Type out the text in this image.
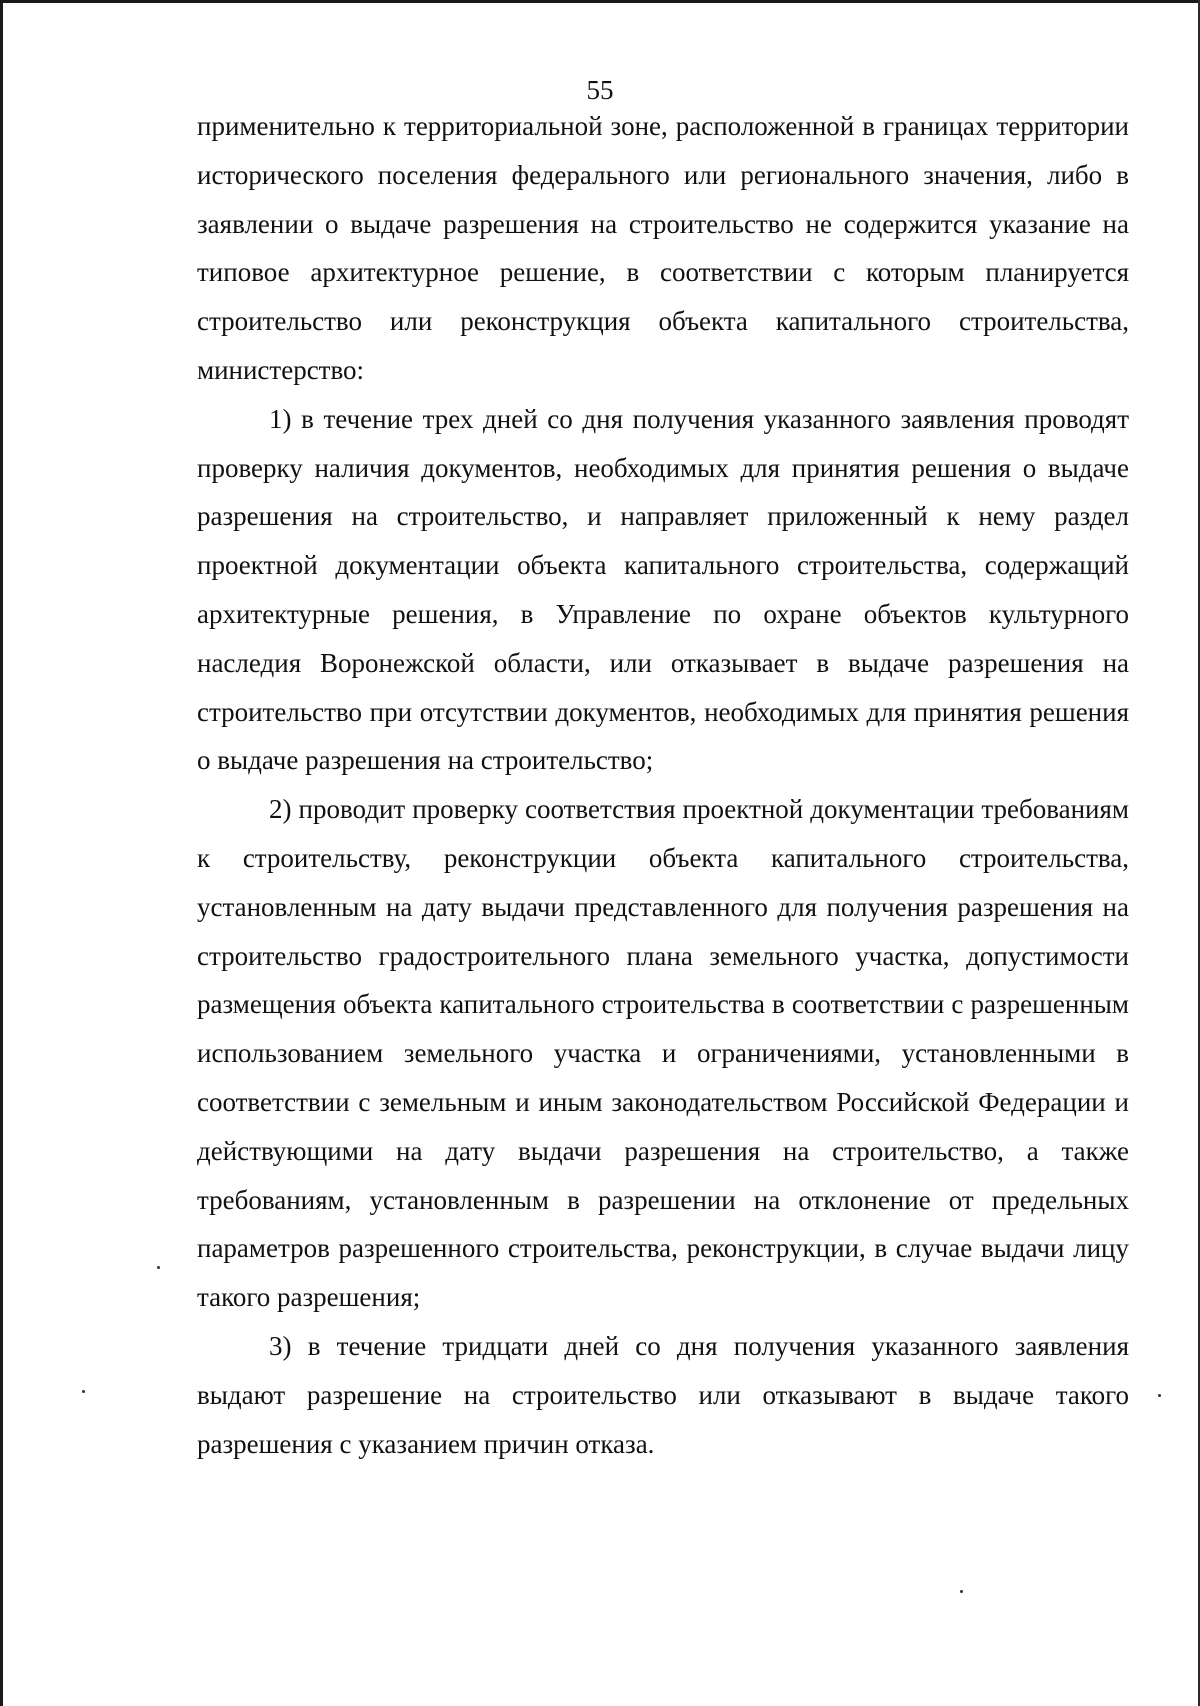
55

применительно к территориальной зоне, расположенной в границах территории исторического поселения федерального или регионального значения, либо в заявлении о выдаче разрешения на строительство не содержится указание на типовое архитектурное решение, в соответствии с которым планируется строительство или реконструкция объекта капитального строительства, министерство:

1) в течение трех дней со дня получения указанного заявления проводят проверку наличия документов, необходимых для принятия решения о выдаче разрешения на строительство, и направляет приложенный к нему раздел проектной документации объекта капитального строительства, содержащий архитектурные решения, в Управление по охране объектов культурного наследия Воронежской области, или отказывает в выдаче разрешения на строительство при отсутствии документов, необходимых для принятия решения о выдаче разрешения на строительство;

2) проводит проверку соответствия проектной документации требованиям к строительству, реконструкции объекта капитального строительства, установленным на дату выдачи представленного для получения разрешения на строительство градостроительного плана земельного участка, допустимости размещения объекта капитального строительства в соответствии с разрешенным использованием земельного участка и ограничениями, установленными в соответствии с земельным и иным законодательством Российской Федерации и действующими на дату выдачи разрешения на строительство, а также требованиям, установленным в разрешении на отклонение от предельных параметров разрешенного строительства, реконструкции, в случае выдачи лицу такого разрешения;

3) в течение тридцати дней со дня получения указанного заявления выдают разрешение на строительство или отказывают в выдаче такого разрешения с указанием причин отказа.
